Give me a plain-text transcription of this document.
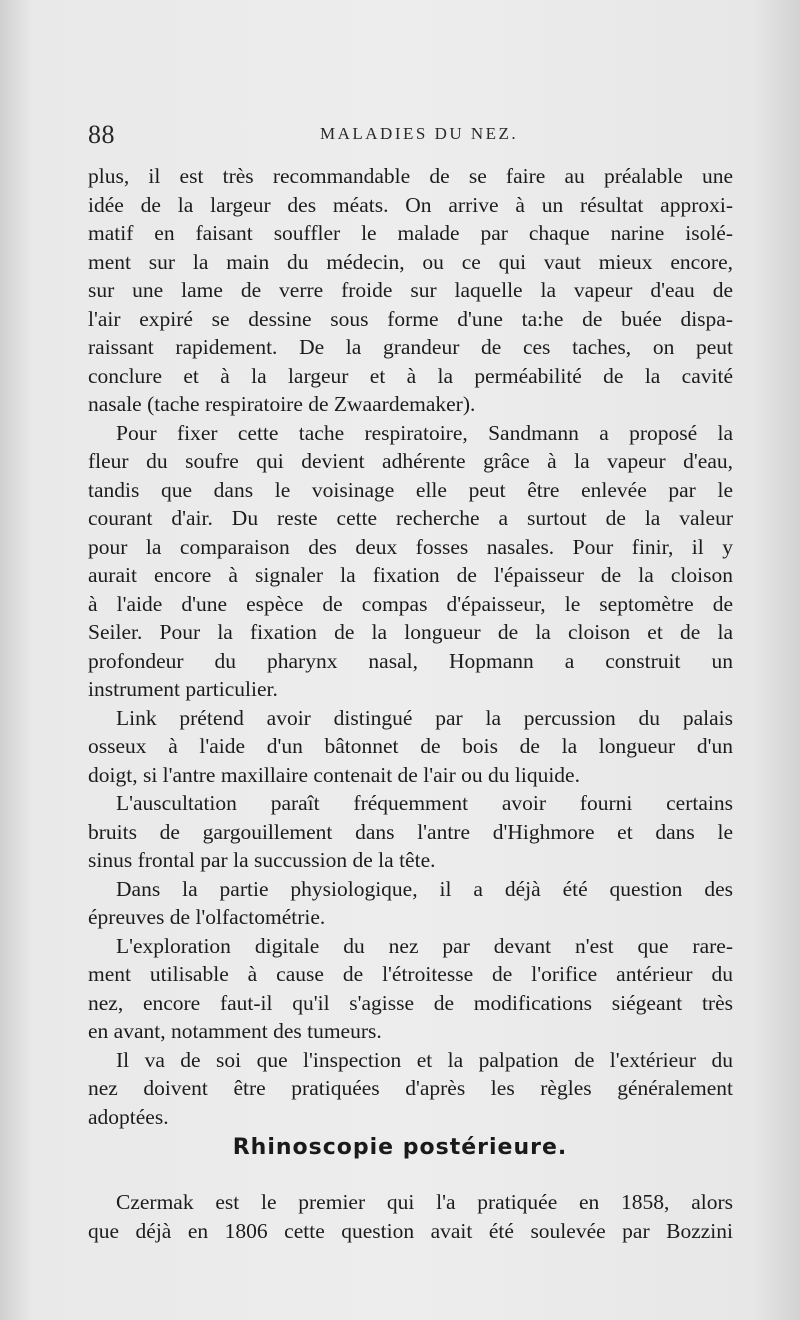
88	MALADIES DU NEZ.
plus, il est très recommandable de se faire au préalable une
idée de la largeur des méats. On arrive à un résultat approxi-
matif en faisant souffler le malade par chaque narine isolé-
ment sur la main du médecin, ou ce qui vaut mieux encore,
sur une lame de verre froide sur laquelle la vapeur d'eau de
l'air expiré se dessine sous forme d'une ta:he de buée dispa-
raissant rapidement. De la grandeur de ces taches, on peut
conclure et à la largeur et à la perméabilité de la cavité
nasale (tache respiratoire de Zwaardemaker).
Pour fixer cette tache respiratoire, Sandmann a proposé la
fleur du soufre qui devient adhérente grâce à la vapeur d'eau,
tandis que dans le voisinage elle peut être enlevée par le
courant d'air. Du reste cette recherche a surtout de la valeur
pour la comparaison des deux fosses nasales. Pour finir, il y
aurait encore à signaler la fixation de l'épaisseur de la cloison
à l'aide d'une espèce de compas d'épaisseur, le septomètre de
Seiler. Pour la fixation de la longueur de la cloison et de la
profondeur du pharynx nasal, Hopmann a construit un
instrument particulier.
Link prétend avoir distingué par la percussion du palais
osseux à l'aide d'un bâtonnet de bois de la longueur d'un
doigt, si l'antre maxillaire contenait de l'air ou du liquide.
L'auscultation paraît fréquemment avoir fourni certains
bruits de gargouillement dans l'antre d'Highmore et dans le
sinus frontal par la succussion de la tête.
Dans la partie physiologique, il a déjà été question des
épreuves de l'olfactométrie.
L'exploration digitale du nez par devant n'est que rare-
ment utilisable à cause de l'étroitesse de l'orifice antérieur du
nez, encore faut-il qu'il s'agisse de modifications siégeant très
en avant, notamment des tumeurs.
Il va de soi que l'inspection et la palpation de l'extérieur du
nez doivent être pratiquées d'après les règles généralement
adoptées.
Rhinoscopie postérieure.
Czermak est le premier qui l'a pratiquée en 1858, alors
que déjà en 1806 cette question avait été soulevée par Bozzini
